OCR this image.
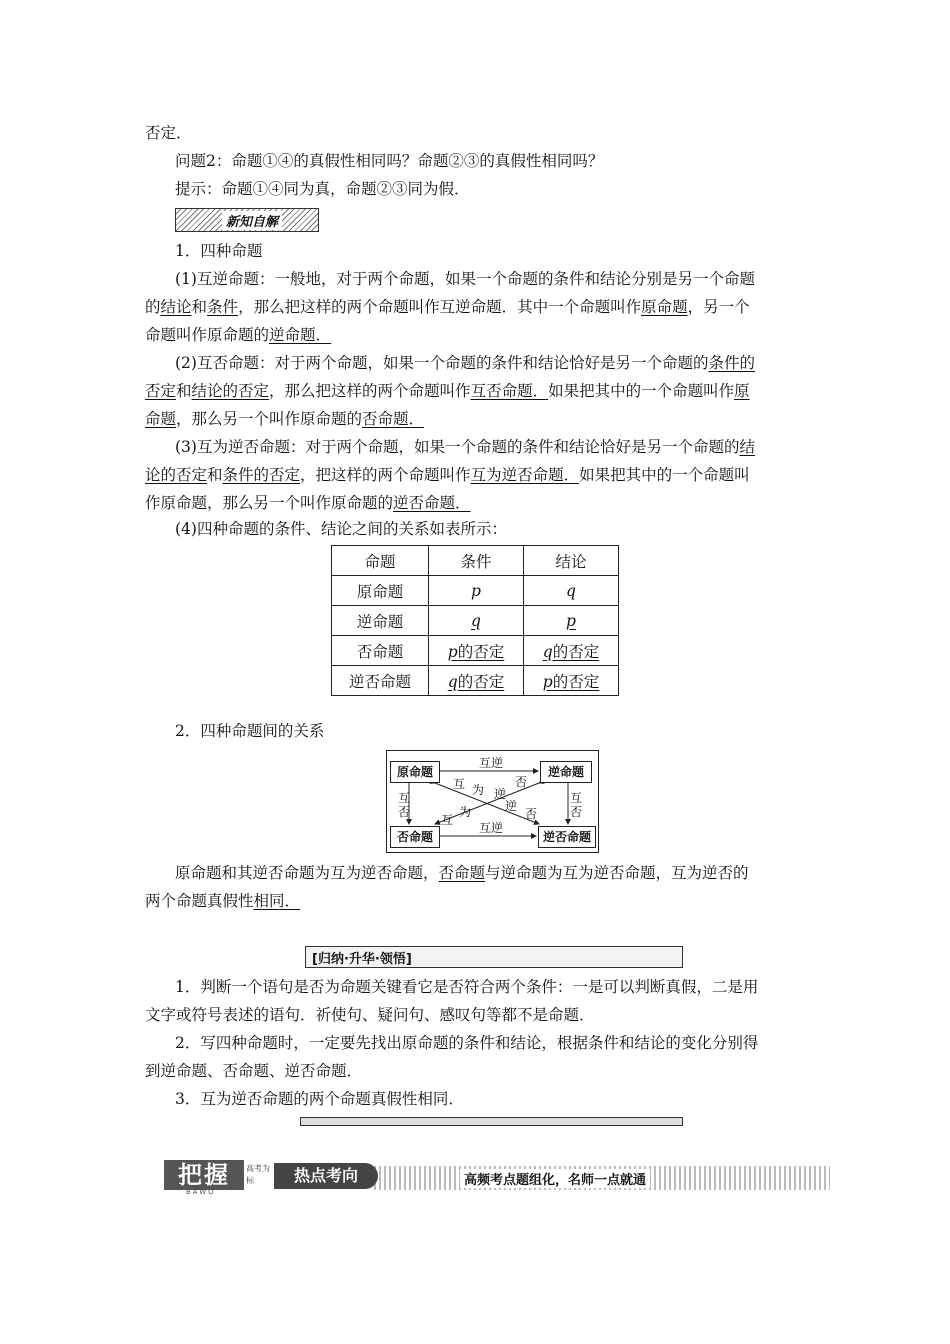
否定．
问题2：命题①④的真假性相同吗？命题②③的真假性相同吗？
提示：命题①④同为真，命题②③同为假．
新知自解
1．四种命题
(1)互逆命题：一般地，对于两个命题，如果一个命题的条件和结论分别是另一个命题
的结论和条件，那么把这样的两个命题叫作互逆命题．其中一个命题叫作原命题，另一个
命题叫作原命题的逆命题．
(2)互否命题：对于两个命题，如果一个命题的条件和结论恰好是另一个命题的条件的
否定和结论的否定，那么把这样的两个命题叫作互否命题．如果把其中的一个命题叫作原
命题，那么另一个叫作原命题的否命题．
(3)互为逆否命题：对于两个命题，如果一个命题的条件和结论恰好是另一个命题的结
论的否定和条件的否定，把这样的两个命题叫作互为逆否命题．如果把其中的一个命题叫
作原命题，那么另一个叫作原命题的逆否命题．
(4)四种命题的条件、结论之间的关系如表所示：
命题	条件	结论
原命题	p	q
逆命题	q	p
否命题	p的否定	q的否定
逆否命题	q的否定	p的否定
2．四种命题间的关系
原命题	逆命题
否命题	逆否命题
互逆
互逆
互否
互否
互 为 逆
否
为
互
逆
否
原命题和其逆否命题为互为逆否命题，否命题与逆命题为互为逆否命题，互为逆否的
两个命题真假性相同．
[归纳·升华·领悟]
1．判断一个语句是否为命题关键看它是否符合两个条件：一是可以判断真假，二是用
文字或符号表述的语句．祈使句、疑问句、感叹句等都不是命题．
2．写四种命题时，一定要先找出原命题的条件和结论，根据条件和结论的变化分别得
到逆命题、否命题、逆否命题．
3．互为逆否命题的两个命题真假性相同．
把握
BAWO
高考为标	热点考向	高频考点题组化，名师一点就通
